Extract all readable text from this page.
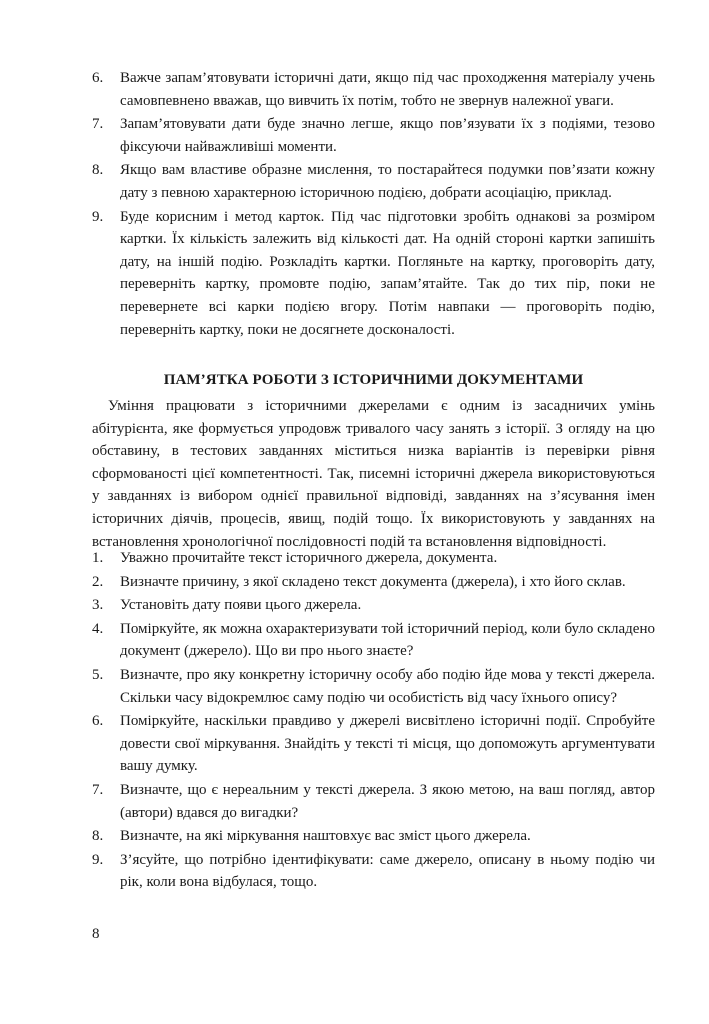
6. Важче запам’ятовувати історичні дати, якщо під час проходження матеріалу учень самовпевнено вважав, що вивчить їх потім, тобто не звернув належної уваги.
7. Запам’ятовувати дати буде значно легше, якщо пов’язувати їх з подіями, тезово фіксуючи найважливіші моменти.
8. Якщо вам властиве образне мислення, то постарайтеся подумки пов’язати кожну дату з певною характерною історичною подією, добрати асоціацію, приклад.
9. Буде корисним і метод карток. Під час підготовки зробіть однакові за розміром картки. Їх кількість залежить від кількості дат. На одній стороні картки запишіть дату, на іншій подію. Розкладіть картки. Погляньте на картку, проговоріть дату, переверніть картку, промовте подію, запам’ятайте. Так до тих пір, поки не перевернете всі карки подією вгору. Потім навпаки — проговоріть подію, переверніть картку, поки не досягнете досконалості.
ПАМ’ЯТКА РОБОТИ З ІСТОРИЧНИМИ ДОКУМЕНТАМИ

Уміння працювати з історичними джерелами є одним із засадничих умінь абітурієнта, яке формується упродовж тривалого часу занять з історії. З огляду на цю обставину, в тестових завданнях міститься низка варіантів із перевірки рівня сформованості цієї компетентності. Так, писемні історичні джерела використовуються у завданнях із вибором однієї правильної відповіді, завданнях на з’ясування імен історичних діячів, процесів, явищ, подій тощо. Їх використовують у завданнях на встановлення хронологічної послідовності подій та встановлення відповідності.

1. Уважно прочитайте текст історичного джерела, документа.
2. Визначте причину, з якої складено текст документа (джерела), і хто його склав.
3. Установіть дату появи цього джерела.
4. Поміркуйте, як можна охарактеризувати той історичний період, коли було складено документ (джерело). Що ви про нього знаєте?
5. Визначте, про яку конкретну історичну особу або подію йде мова у тексті джерела. Скільки часу відокремлює саму подію чи особистість від часу їхнього опису?
6. Поміркуйте, наскільки правдиво у джерелі висвітлено історичні події. Спробуйте довести свої міркування. Знайдіть у тексті ті місця, що допоможуть аргументувати вашу думку.
7. Визначте, що є нереальним у тексті джерела. З якою метою, на ваш погляд, автор (автори) вдався до вигадки?
8. Визначте, на які міркування наштовхує вас зміст цього джерела.
9. З’ясуйте, що потрібно ідентифікувати: саме джерело, описану в ньому подію чи рік, коли вона відбулася, тощо.
8
